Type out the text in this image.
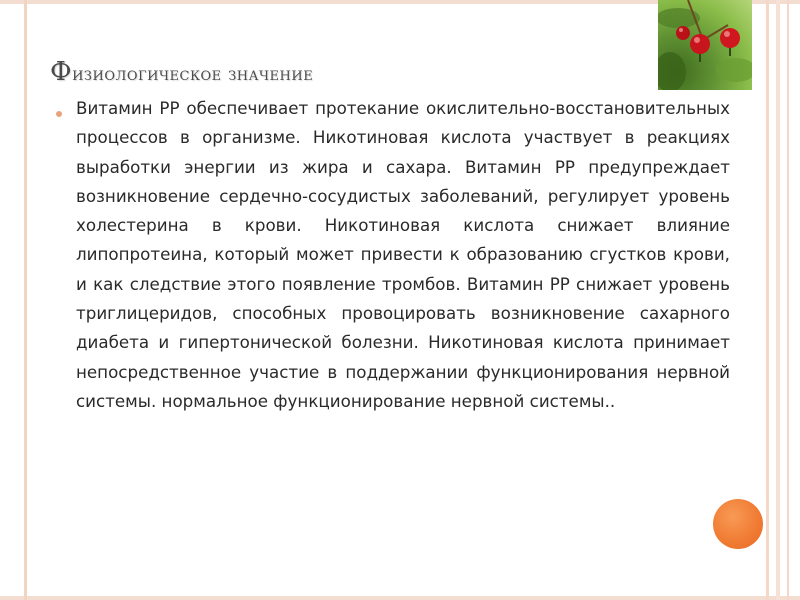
Физиологическое значение

Витамин РР обеспечивает протекание окислительно-восстановительных процессов в организме. Никотиновая кислота участвует в реакциях выработки энергии из жира и сахара. Витамин РР предупреждает возникновение сердечно-сосудистых заболеваний, регулирует уровень холестерина в крови. Никотиновая кислота снижает влияние липопротеина, который может привести к образованию сгустков крови, и как следствие этого появление тромбов. Витамин РР снижает уровень триглицеридов, способных провоцировать возникновение сахарного диабета и гипертонической болезни. Никотиновая кислота принимает непосредственное участие в поддержании функционирования нервной системы. нормальное функционирование нервной системы..
